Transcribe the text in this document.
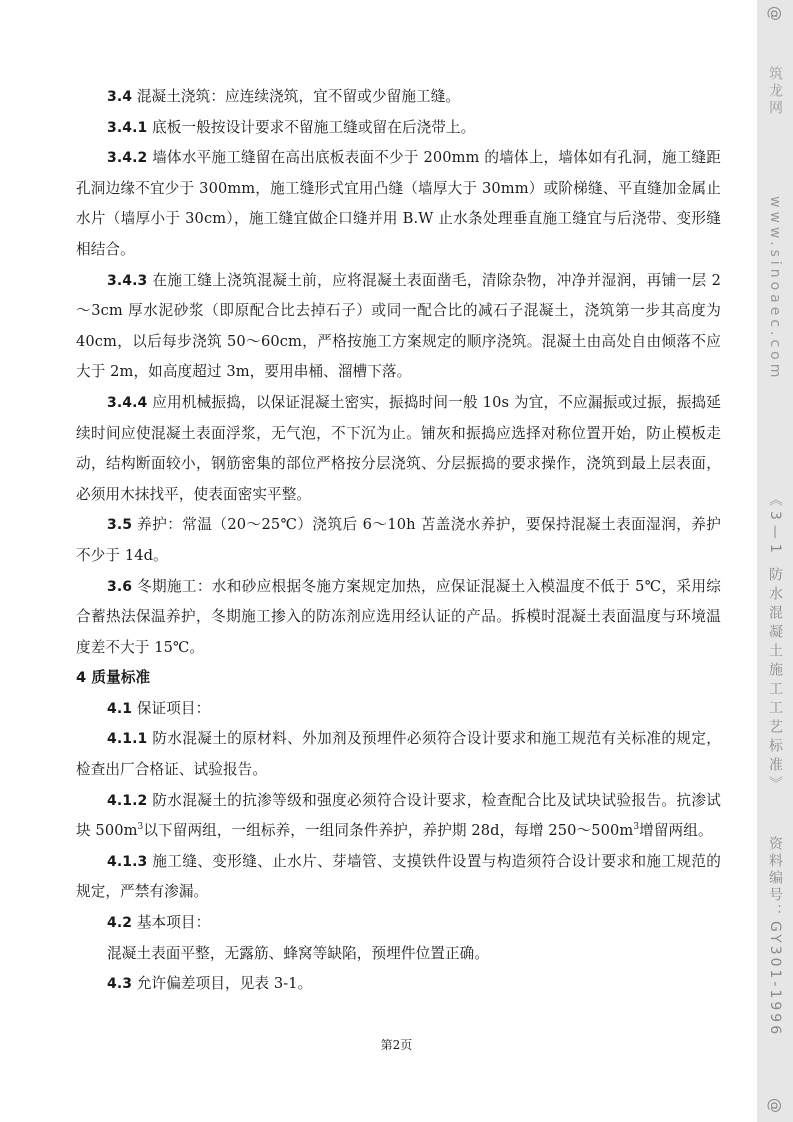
3.4 混凝土浇筑：应连续浇筑，宜不留或少留施工缝。

3.4.1 底板一般按设计要求不留施工缝或留在后浇带上。

3.4.2 墙体水平施工缝留在高出底板表面不少于 200mm 的墙体上，墙体如有孔洞，施工缝距孔洞边缘不宜少于 300mm，施工缝形式宜用凸缝（墙厚大于 30mm）或阶梯缝、平直缝加金属止水片（墙厚小于 30cm），施工缝宜做企口缝并用 B.W 止水条处理垂直施工缝宜与后浇带、变形缝相结合。

3.4.3 在施工缝上浇筑混凝土前，应将混凝土表面凿毛，清除杂物，冲净并湿润，再铺一层 2～3cm 厚水泥砂浆（即原配合比去掉石子）或同一配合比的减石子混凝土，浇筑第一步其高度为 40cm，以后每步浇筑 50～60cm，严格按施工方案规定的顺序浇筑。混凝土由高处自由倾落不应大于 2m，如高度超过 3m，要用串桶、溜槽下落。

3.4.4 应用机械振捣，以保证混凝土密实，振捣时间一般 10s 为宜，不应漏振或过振，振捣延续时间应使混凝土表面浮浆，无气泡，不下沉为止。铺灰和振捣应选择对称位置开始，防止模板走动，结构断面较小，钢筋密集的部位严格按分层浇筑、分层振捣的要求操作，浇筑到最上层表面，必须用木抹找平，使表面密实平整。

3.5 养护：常温（20～25℃）浇筑后 6～10h 苫盖浇水养护，要保持混凝土表面湿润，养护不少于 14d。

3.6 冬期施工：水和砂应根据冬施方案规定加热，应保证混凝土入模温度不低于 5℃，采用综合蓄热法保温养护，冬期施工掺入的防冻剂应选用经认证的产品。拆模时混凝土表面温度与环境温度差不大于 15℃。

4 质量标准

4.1 保证项目：

4.1.1 防水混凝土的原材料、外加剂及预埋件必须符合设计要求和施工规范有关标准的规定，检查出厂合格证、试验报告。

4.1.2 防水混凝土的抗渗等级和强度必须符合设计要求，检查配合比及试块试验报告。抗渗试块 $500m^3$以下留两组，一组标养，一组同条件养护，养护期 28d，每增 $250\sim 500m^3$增留两组。

4.1.3 施工缝、变形缝、止水片、芽墙管、支摸铁件设置与构造须符合设计要求和施工规范的规定，严禁有渗漏。

4.2 基本项目：

混凝土表面平整，无露筋、蜂窝等缺陷，预埋件位置正确。

4.3 允许偏差项目，见表 3-1。

第2页
@
筑龙网
www.sinoaec.com
《3—1 防水混凝土施工工艺标准》
资料编号：GY301-1996
@
